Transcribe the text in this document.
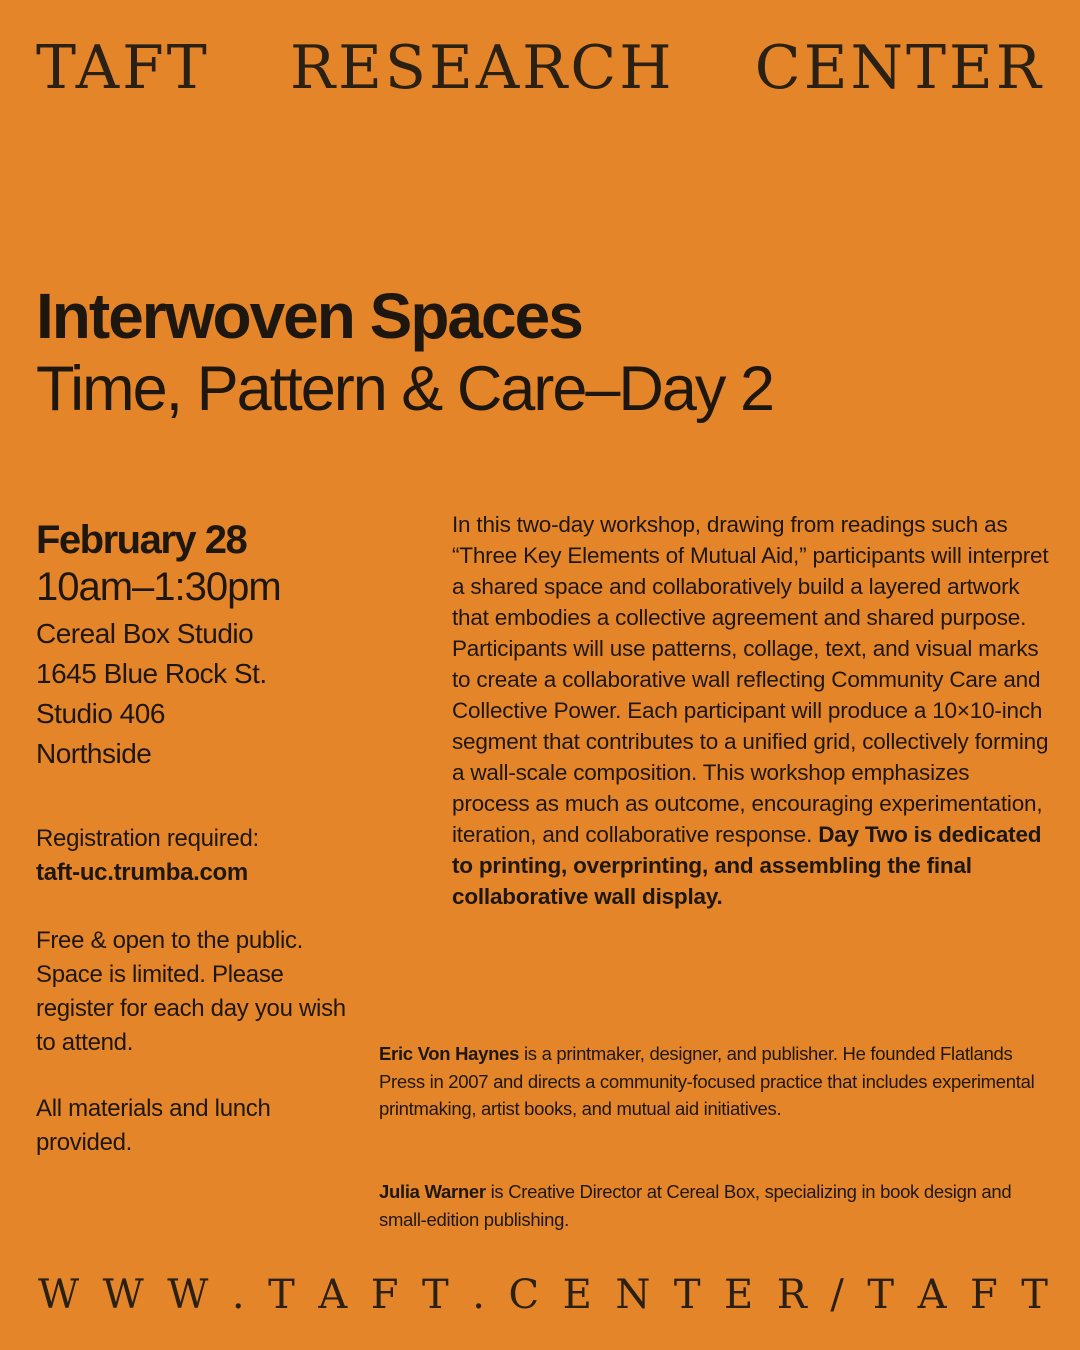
TAFT RESEARCH CENTER
Interwoven Spaces
Time, Pattern & Care–Day 2
February 28
10am–1:30pm
Cereal Box Studio
1645 Blue Rock St.
Studio 406
Northside
Registration required:
taft-uc.trumba.com
Free & open to the public. Space is limited. Please register for each day you wish to attend.
All materials and lunch provided.
In this two-day workshop, drawing from readings such as “Three Key Elements of Mutual Aid,” participants will interpret a shared space and collaboratively build a layered artwork that embodies a collective agreement and shared purpose. Participants will use patterns, collage, text, and visual marks to create a collaborative wall reflecting Community Care and Collective Power. Each participant will produce a 10×10-inch segment that contributes to a unified grid, collectively forming a wall-scale composition. This workshop emphasizes process as much as outcome, encouraging experimentation, iteration, and collaborative response. Day Two is dedicated to printing, overprinting, and assembling the final collaborative wall display.
Eric Von Haynes is a printmaker, designer, and publisher. He founded Flatlands Press in 2007 and directs a community-focused practice that includes experimental printmaking, artist books, and mutual aid initiatives.
Julia Warner is Creative Director at Cereal Box, specializing in book design and small-edition publishing.
W W W . T A F T . C E N T E R / T A F T
